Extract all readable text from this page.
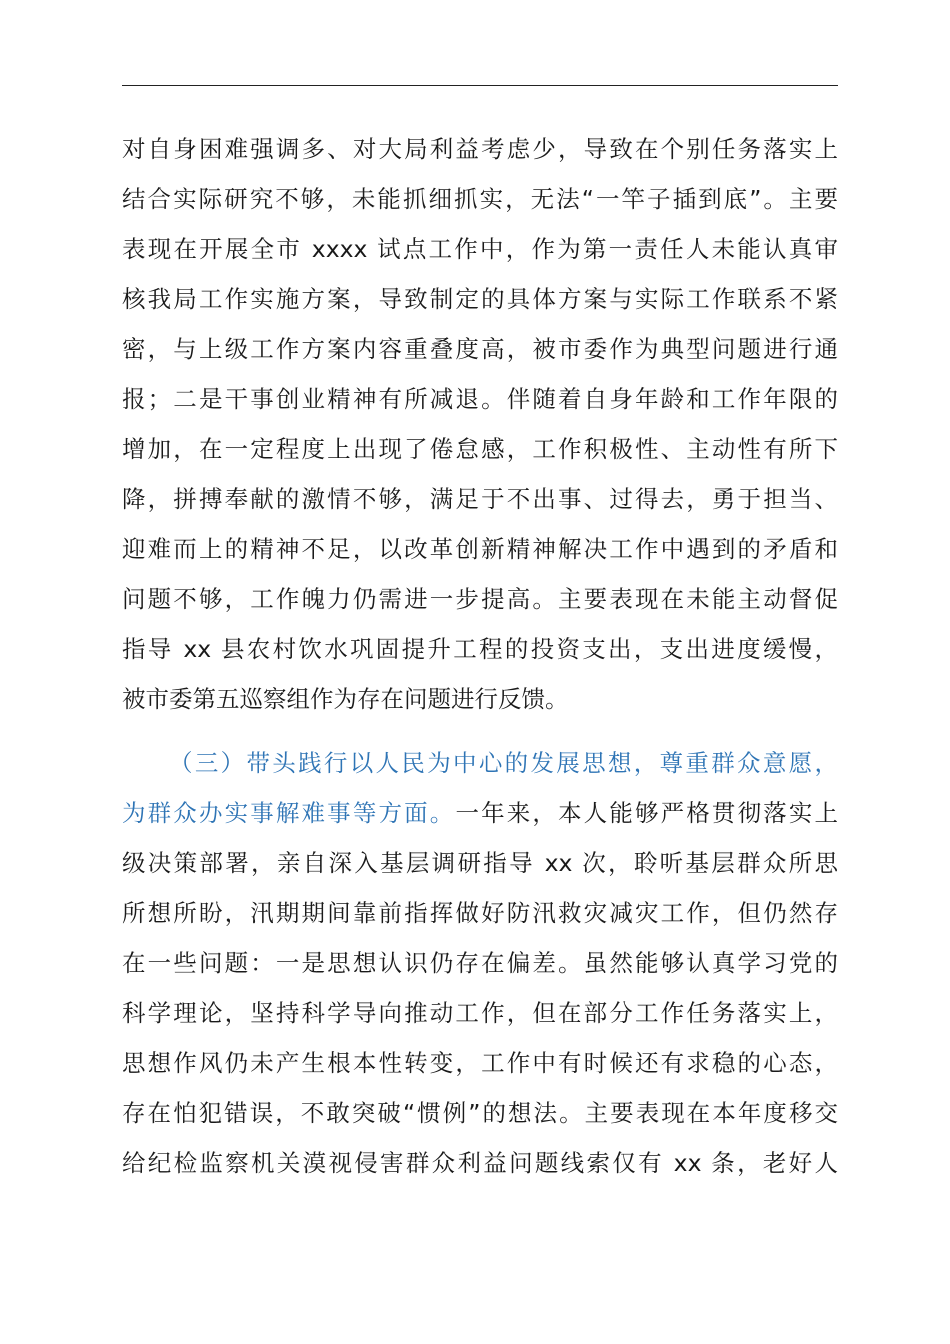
对自身困难强调多、对大局利益考虑少，导致在个别任务落实上
结合实际研究不够，未能抓细抓实，无法“一竿子插到底”。主要
表现在开展全市 xxxx 试点工作中，作为第一责任人未能认真审
核我局工作实施方案，导致制定的具体方案与实际工作联系不紧
密，与上级工作方案内容重叠度高，被市委作为典型问题进行通
报；二是干事创业精神有所减退。伴随着自身年龄和工作年限的
增加，在一定程度上出现了倦怠感，工作积极性、主动性有所下
降，拼搏奉献的激情不够，满足于不出事、过得去，勇于担当、
迎难而上的精神不足，以改革创新精神解决工作中遇到的矛盾和
问题不够，工作魄力仍需进一步提高。主要表现在未能主动督促
指导 xx 县农村饮水巩固提升工程的投资支出，支出进度缓慢，
被市委第五巡察组作为存在问题进行反馈。
（三）带头践行以人民为中心的发展思想，尊重群众意愿，
为群众办实事解难事等方面。一年来，本人能够严格贯彻落实上
级决策部署，亲自深入基层调研指导 xx 次，聆听基层群众所思
所想所盼，汛期期间靠前指挥做好防汛救灾减灾工作，但仍然存
在一些问题：一是思想认识仍存在偏差。虽然能够认真学习党的
科学理论，坚持科学导向推动工作，但在部分工作任务落实上，
思想作风仍未产生根本性转变，工作中有时候还有求稳的心态，
存在怕犯错误，不敢突破“惯例”的想法。主要表现在本年度移交
给纪检监察机关漠视侵害群众利益问题线索仅有 xx 条，老好人
